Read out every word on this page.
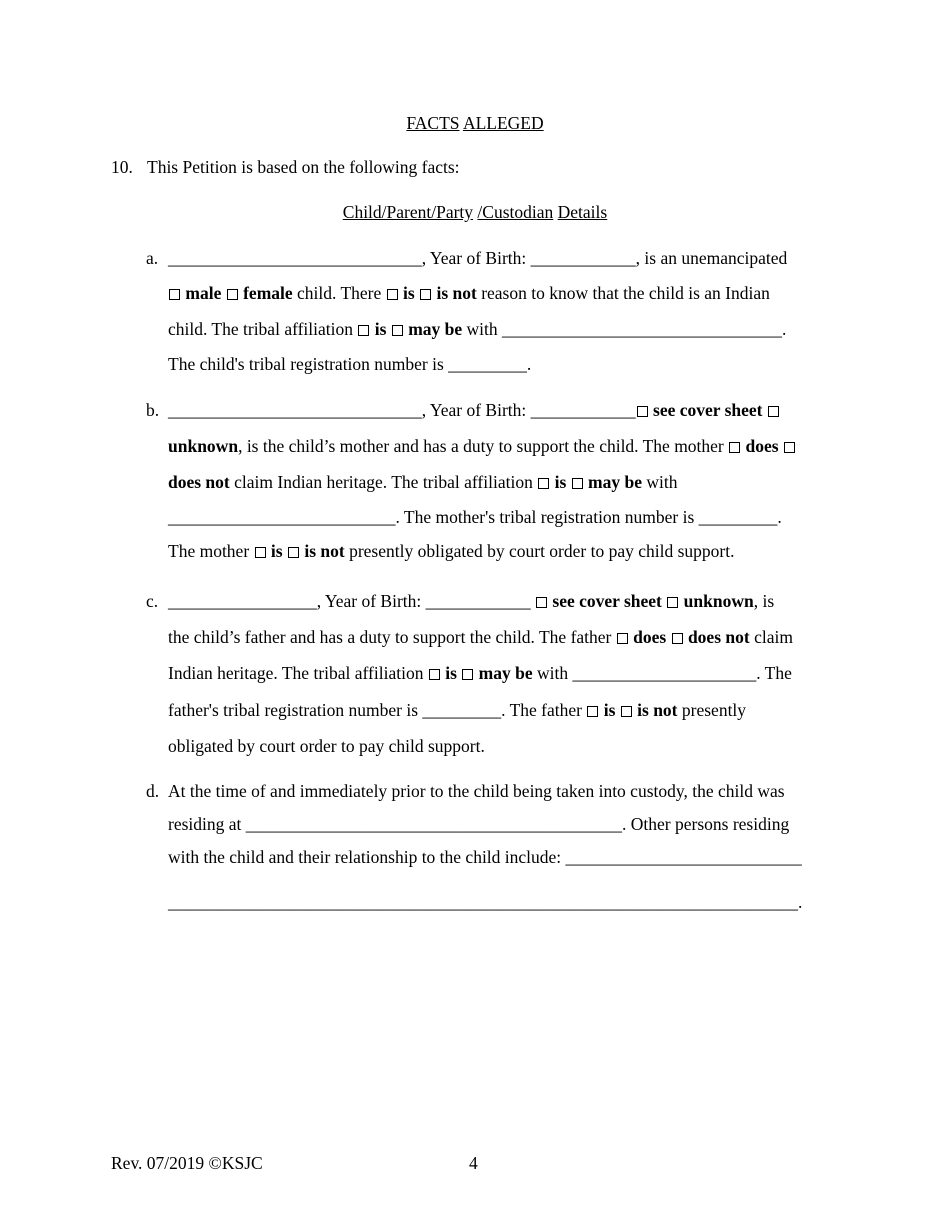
FACTS ALLEGED
10. This Petition is based on the following facts:
Child/Parent/Party /Custodian Details
a. _____________________________, Year of Birth: ____________, is an unemancipated
male female child. There  is is not reason to know that the child is an Indian
child. The tribal affiliation  is may be with ________________________________.
The child's tribal registration number is _________.
b. _____________________________, Year of Birth: ____________ see cover sheet
unknown, is the child’s mother and has a duty to support the child. The mother  does
does not claim Indian heritage. The tribal affiliation  is may be with
__________________________. The mother's tribal registration number is _________.
The mother  is is not presently obligated by court order to pay child support.
c. _________________, Year of Birth: ____________  see cover sheet unknown, is
the child’s father and has a duty to support the child. The father  does does not claim
Indian heritage. The tribal affiliation  is may be with _____________________. The
father's tribal registration number is _________. The father  is is not presently
obligated by court order to pay child support.
d. At the time of and immediately prior to the child being taken into custody, the child was
residing at ___________________________________________. Other persons residing
with the child and their relationship to the child include: ___________________________
________________________________________________________________________.
Rev. 07/2019 ©KSJC	4
